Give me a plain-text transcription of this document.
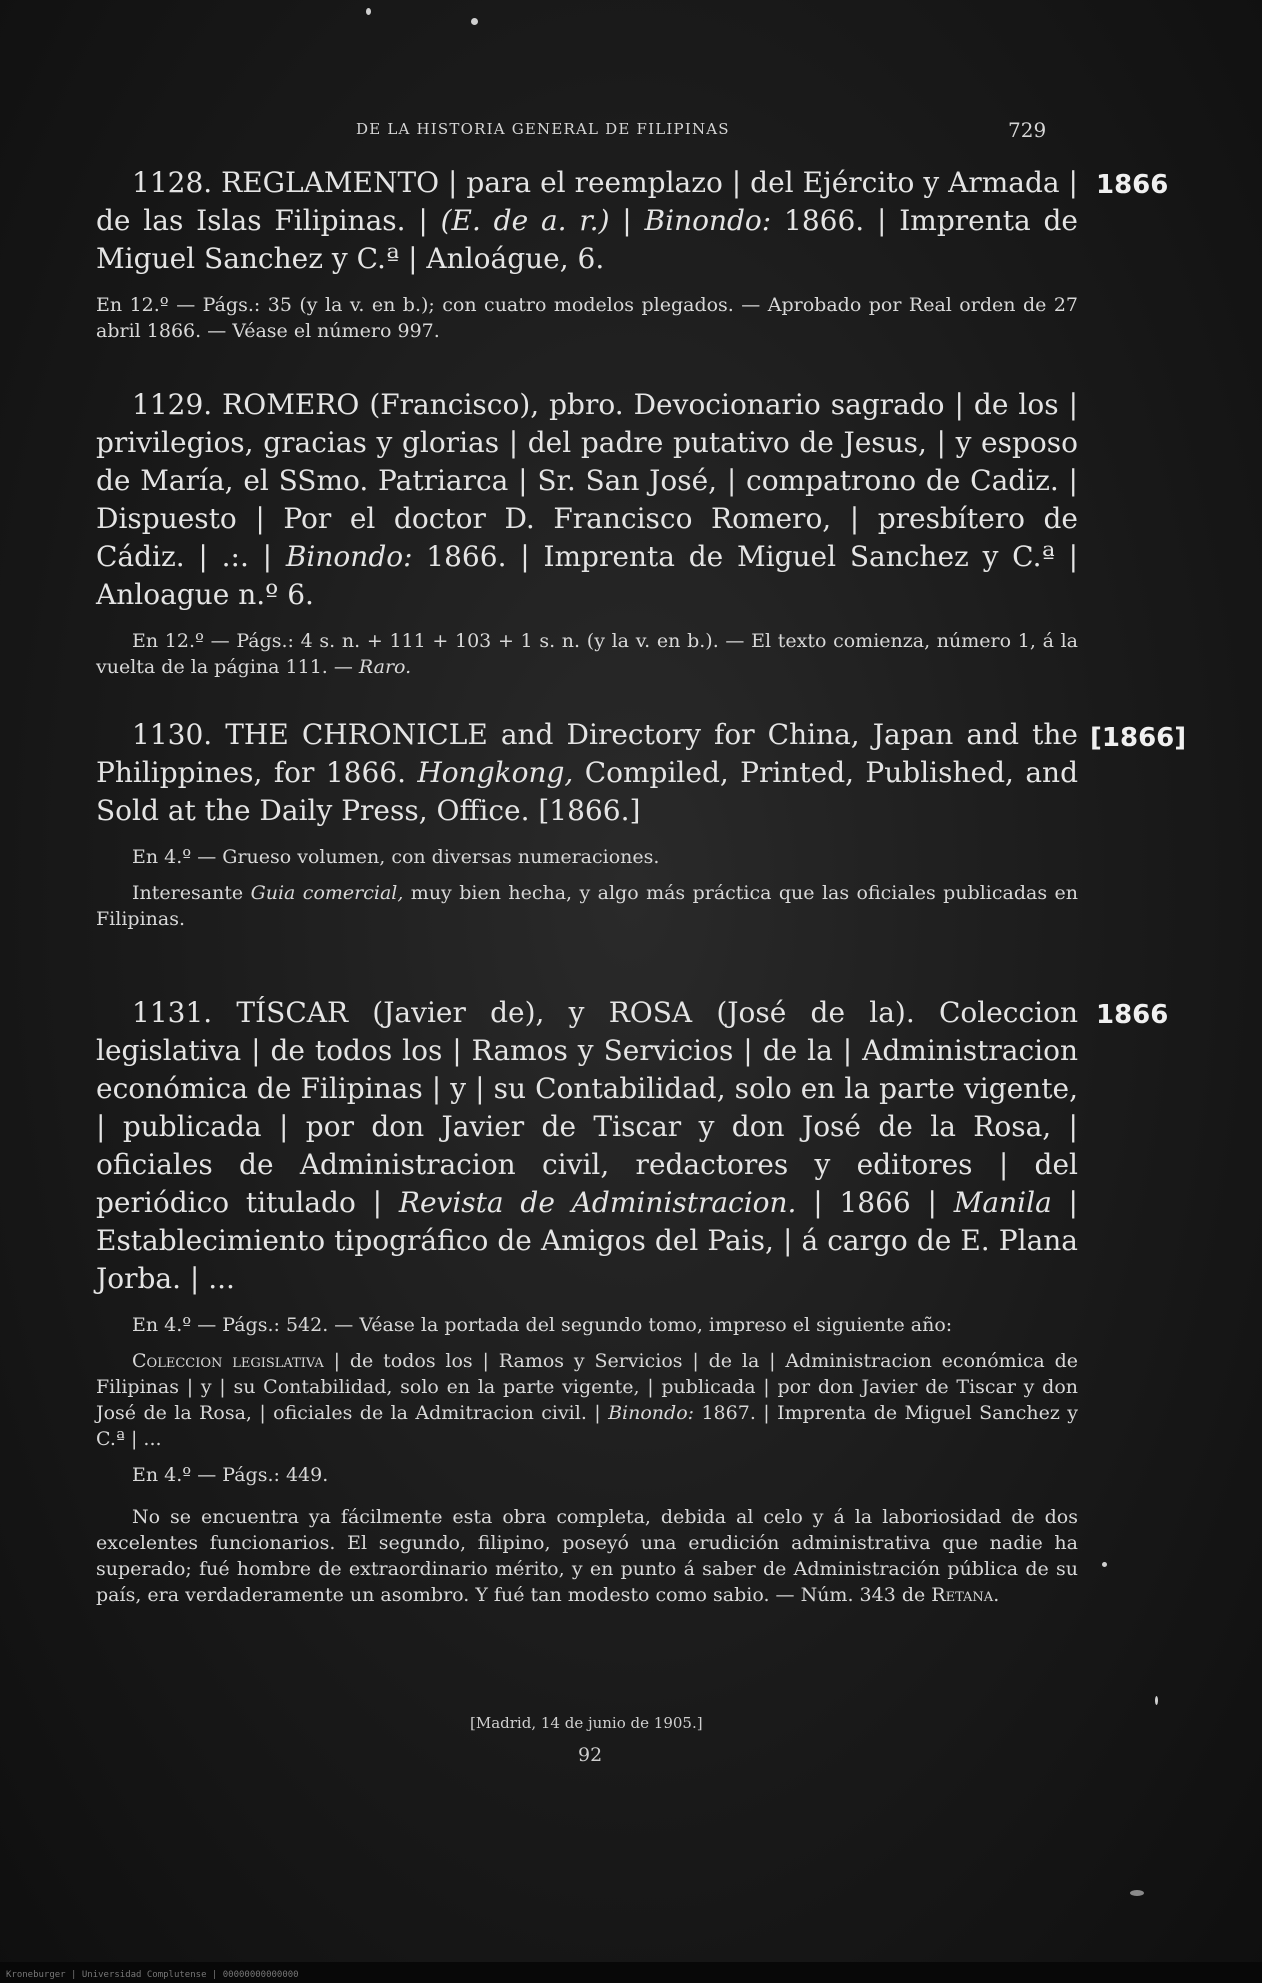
DE LA HISTORIA GENERAL DE FILIPINAS	729
1866

1128. REGLAMENTO | para el reemplazo | del Ejército y Armada | de las Islas Filipinas. | (E. de a. r.) | Binondo: 1866. | Imprenta de Miguel Sanchez y C.ª | Anloágue, 6.

En 12.º — Págs.: 35 (y la v. en b.); con cuatro modelos plegados. — Aprobado por Real orden de 27 abril 1866. — Véase el número 997.

1129. ROMERO (Francisco), pbro. Devocionario sagrado | de los | privilegios, gracias y glorias | del padre putativo de Jesus, | y esposo de María, el SSmo. Patriarca | Sr. San José, | compatrono de Cadiz. | Dispuesto | Por el doctor D. Francisco Romero, | presbítero de Cádiz. | .:. | Binondo: 1866. | Imprenta de Miguel Sanchez y C.ª | Anloague n.º 6.

En 12.º — Págs.: 4 s. n. + 111 + 103 + 1 s. n. (y la v. en b.). — El texto comienza, número 1, á la vuelta de la página 111. — Raro.

[1866]

1130. THE CHRONICLE and Directory for China, Japan and the Philippines, for 1866. Hongkong, Compiled, Printed, Published, and Sold at the Daily Press, Office. [1866.]

En 4.º — Grueso volumen, con diversas numeraciones.

Interesante Guia comercial, muy bien hecha, y algo más práctica que las oficiales publicadas en Filipinas.

1866

1131. TÍSCAR (Javier de), y ROSA (José de la). Coleccion legislativa | de todos los | Ramos y Servicios | de la | Administracion económica de Filipinas | y | su Contabilidad, solo en la parte vigente, | publicada | por don Javier de Tiscar y don José de la Rosa, | oficiales de Administracion civil, redactores y editores | del periódico titulado | Revista de Administracion. | 1866 | Manila | Establecimiento tipográfico de Amigos del Pais, | á cargo de E. Plana Jorba. | ...

En 4.º — Págs.: 542. — Véase la portada del segundo tomo, impreso el siguiente año:

Coleccion legislativa | de todos los | Ramos y Servicios | de la | Administracion económica de Filipinas | y | su Contabilidad, solo en la parte vigente, | publicada | por don Javier de Tiscar y don José de la Rosa, | oficiales de la Admitracion civil. | Binondo: 1867. | Imprenta de Miguel Sanchez y C.ª | ...

En 4.º — Págs.: 449.

No se encuentra ya fácilmente esta obra completa, debida al celo y á la laboriosidad de dos excelentes funcionarios. El segundo, filipino, poseyó una erudición administrativa que nadie ha superado; fué hombre de extraordinario mérito, y en punto á saber de Administración pública de su país, era verdaderamente un asombro. Y fué tan modesto como sabio. — Núm. 343 de Retana.

[Madrid, 14 de junio de 1905.]
92
Kroneburger | Universidad Complutense | 00000000000000
